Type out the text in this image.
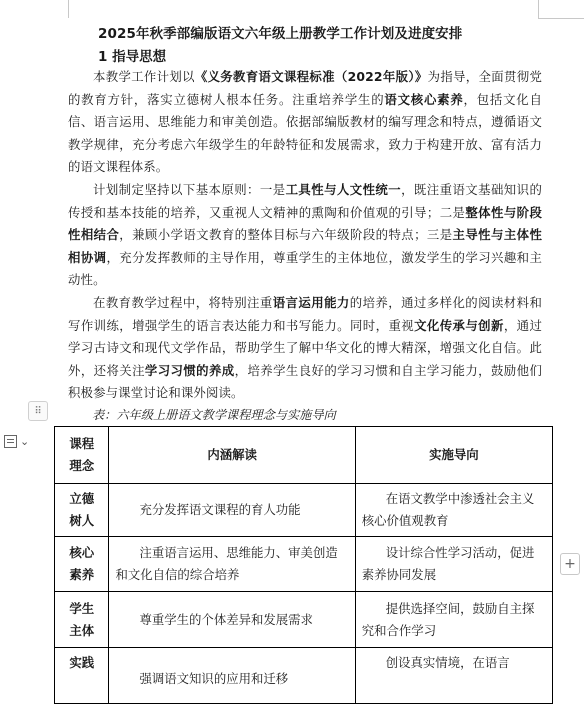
2025年秋季部编版语文六年级上册教学工作计划及进度安排
1 指导思想
本教学工作计划以《义务教育语文课程标准（2022年版）》为指导，全面贯彻党的教育方针，落实立德树人根本任务。注重培养学生的语文核心素养，包括文化自信、语言运用、思维能力和审美创造。依据部编版教材的编写理念和特点，遵循语文教学规律，充分考虑六年级学生的年龄特征和发展需求，致力于构建开放、富有活力的语文课程体系。
计划制定坚持以下基本原则：一是工具性与人文性统一，既注重语文基础知识的传授和基本技能的培养，又重视人文精神的熏陶和价值观的引导；二是整体性与阶段性相结合，兼顾小学语文教育的整体目标与六年级阶段的特点；三是主导性与主体性相协调，充分发挥教师的主导作用，尊重学生的主体地位，激发学生的学习兴趣和主动性。
在教育教学过程中，将特别注重语言运用能力的培养，通过多样化的阅读材料和写作训练，增强学生的语言表达能力和书写能力。同时，重视文化传承与创新，通过学习古诗文和现代文学作品，帮助学生了解中华文化的博大精深，增强文化自信。此外，还将关注学习习惯的养成，培养学生良好的学习习惯和自主学习能力，鼓励他们积极参与课堂讨论和课外阅读。
表：六年级上册语文教学课程理念与实施导向
⠿
⌄
+
课程
理念	内涵解读	实施导向

立德
树人	充分发挥语文课程的育人功能	在语文教学中渗透社会主义核心价值观教育

核心
素养	注重语言运用、思维能力、审美创造和文化自信的综合培养	设计综合性学习活动，促进素养协同发展

学生
主体	尊重学生的个体差异和发展需求	提供选择空间，鼓励自主探究和合作学习

实践	强调语文知识的应用和迁移	创设真实情境，在语言
